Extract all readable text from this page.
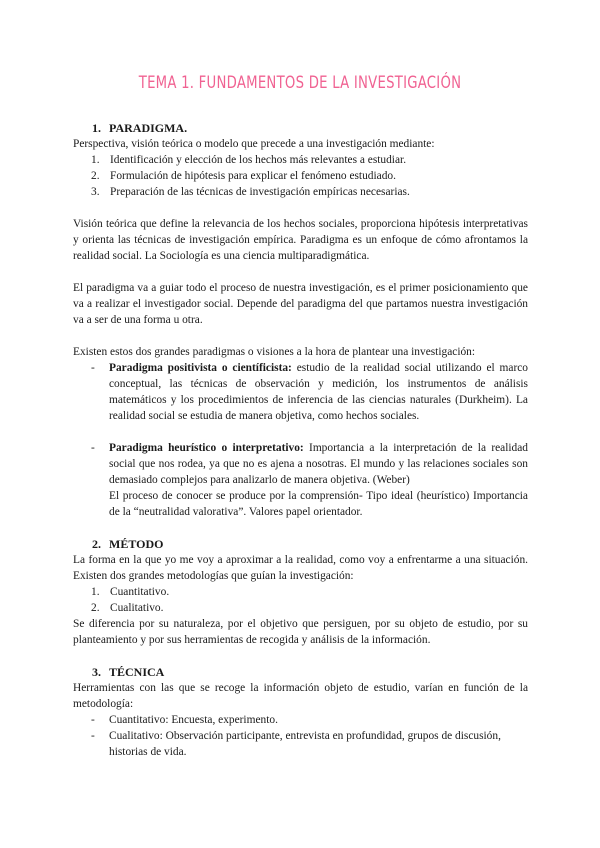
TEMA 1. FUNDAMENTOS DE LA INVESTIGACIÓN

1. PARADIGMA.

Perspectiva, visión teórica o modelo que precede a una investigación mediante:

1. Identificación y elección de los hechos más relevantes a estudiar.
2. Formulación de hipótesis para explicar el fenómeno estudiado.
3. Preparación de las técnicas de investigación empíricas necesarias.

Visión teórica que define la relevancia de los hechos sociales, proporciona hipótesis interpretativas y orienta las técnicas de investigación empírica. Paradigma es un enfoque de cómo afrontamos la realidad social. La Sociología es una ciencia multiparadigmática.

El paradigma va a guiar todo el proceso de nuestra investigación, es el primer posicionamiento que va a realizar el investigador social. Depende del paradigma del que partamos nuestra investigación va a ser de una forma u otra.

Existen estos dos grandes paradigmas o visiones a la hora de plantear una investigación:

- Paradigma positivista o científicista: estudio de la realidad social utilizando el marco conceptual, las técnicas de observación y medición, los instrumentos de análisis matemáticos y los procedimientos de inferencia de las ciencias naturales (Durkheim). La realidad social se estudia de manera objetiva, como hechos sociales.
- Paradigma heurístico o interpretativo: Importancia a la interpretación de la realidad social que nos rodea, ya que no es ajena a nosotras. El mundo y las relaciones sociales son demasiado complejos para analizarlo de manera objetiva. (Weber)
El proceso de conocer se produce por la comprensión- Tipo ideal (heurístico) Importancia de la “neutralidad valorativa”. Valores papel orientador.

2. MÉTODO

La forma en la que yo me voy a aproximar a la realidad, como voy a enfrentarme a una situación. Existen dos grandes metodologías que guían la investigación:

1. Cuantitativo.
2. Cualitativo.

Se diferencia por su naturaleza, por el objetivo que persiguen, por su objeto de estudio, por su planteamiento y por sus herramientas de recogida y análisis de la información.

3. TÉCNICA

Herramientas con las que se recoge la información objeto de estudio, varían en función de la metodología:

- Cuantitativo: Encuesta, experimento.
- Cualitativo: Observación participante, entrevista en profundidad, grupos de discusión, historias de vida.
